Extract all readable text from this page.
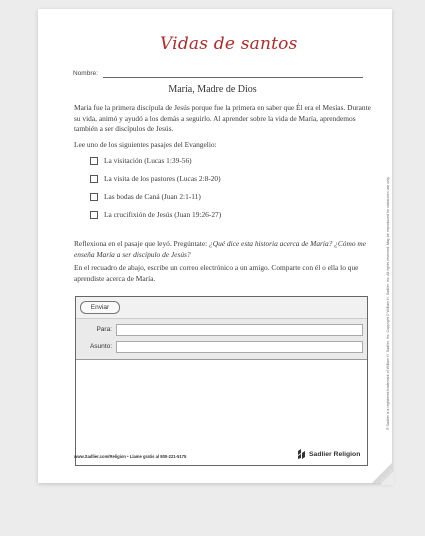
Vidas de santos
Nombre:
María, Madre de Dios
María fue la primera discípula de Jesús porque fue la primera en saber que Él era el Mesías. Durante su vida, animó y ayudó a los demás a seguirlo. Al aprender sobre la vida de María, aprendemos también a ser discípulos de Jesús.
Lee uno de los siguientes pasajes del Evangelio:
La visitación (Lucas 1:39-56)
La visita de los pastores (Lucas 2:8-20)
Las bodas de Caná (Juan 2:1-11)
La crucifixión de Jesús (Juan 19:26-27)
Reflexiona en el pasaje que leyó. Pregúntate: ¿Qué dice esta historia acerca de María? ¿Cómo me enseña María a ser discípulo de Jesús?
En el recuadro de abajo, escribe un correo electrónico a un amigo. Comparte con él o ella lo que aprendiste acerca de María.
Enviar
Para:
Asunto:
www.Sadlier.com/Religion • Llame gratis al 800-221-5175	Sadlier Religion
® Sadlier is a registered trademark of William H. Sadlier, Inc. Copyright © William H. Sadlier, Inc. All rights reserved. May be reproduced for classroom use only.
